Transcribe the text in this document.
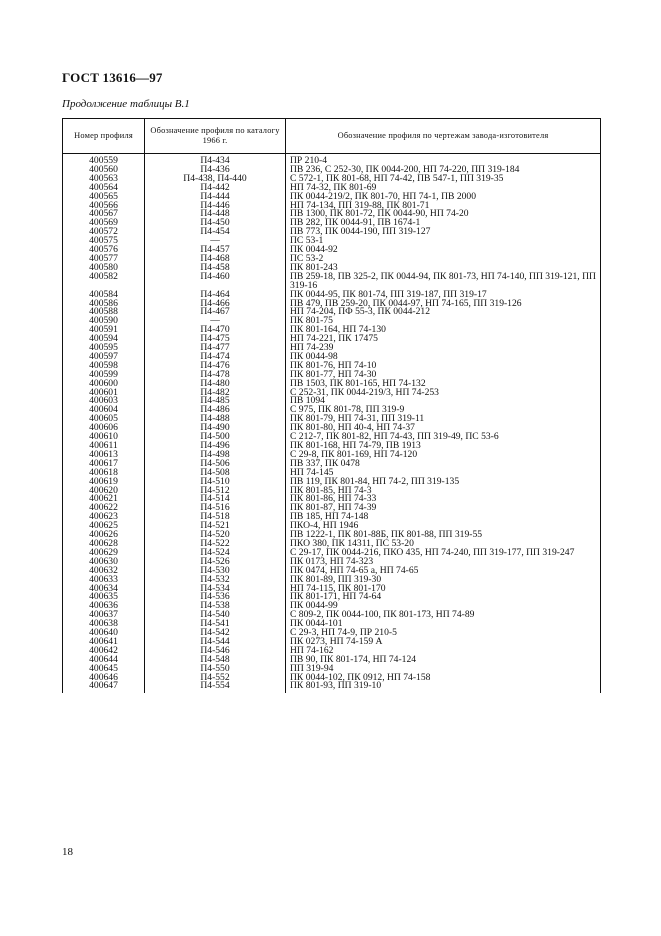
ГОСТ 13616—97
Продолжение таблицы В.1
Номер профиля	Обозначение профиля по каталогу 1966 г.	Обозначение профиля по чертежам завода-изготовителя
400559	П4-434	ПР 210-4
400560	П4-436	ПВ 236, С 252-30, ПК 0044-200, НП 74-220, ПП 319-184
400563	П4-438, П4-440	С 572-1, ПК 801-68, НП 74-42, ПВ 547-1, ПП 319-35
400564	П4-442	НП 74-32, ПК 801-69
400565	П4-444	ПК 0044-219/2, ПК 801-70, НП 74-1, ПВ 2000
400566	П4-446	НП 74-134, ПП 319-88, ПК 801-71
400567	П4-448	ПВ 1300, ПК 801-72, ПК 0044-90, НП 74-20
400569	П4-450	ПВ 282, ПК 0044-91, ПВ 1674-1
400572	П4-454	ПВ 773, ПК 0044-190, ПП 319-127
400575	—	ПС 53-1
400576	П4-457	ПК 0044-92
400577	П4-468	ПС 53-2
400580	П4-458	ПК 801-243
400582	П4-460	ПВ 259-18, ПВ 325-2, ПК 0044-94, ПК 801-73, НП 74-140, ПП 319-121, ПП 319-16
400584	П4-464	ПК 0044-95, ПК 801-74, ПП 319-187, ПП 319-17
400586	П4-466	ПВ 479, ПВ 259-20, ПК 0044-97, НП 74-165, ПП 319-126
400588	П4-467	НП 74-204, ПФ 55-3, ПК 0044-212
400590	—	ПК 801-75
400591	П4-470	ПК 801-164, НП 74-130
400594	П4-475	НП 74-221, ПК 17475
400595	П4-477	НП 74-239
400597	П4-474	ПК 0044-98
400598	П4-476	ПК 801-76, НП 74-10
400599	П4-478	ПК 801-77, НП 74-30
400600	П4-480	ПВ 1503, ПК 801-165, НП 74-132
400601	П4-482	С 252-31, ПК 0044-219/3, НП 74-253
400603	П4-485	ПВ 1094
400604	П4-486	С 975, ПК 801-78, ПП 319-9
400605	П4-488	ПК 801-79, НП 74-31, ПП 319-11
400606	П4-490	ПК 801-80, НП 40-4, НП 74-37
400610	П4-500	С 212-7, ПК 801-82, НП 74-43, ПП 319-49, ПС 53-6
400611	П4-496	ПК 801-168, НП 74-79, ПВ 1913
400613	П4-498	С 29-8, ПК 801-169, НП 74-120
400617	П4-506	ПВ 337, ПК 0478
400618	П4-508	НП 74-145
400619	П4-510	ПВ 119, ПК 801-84, НП 74-2, ПП 319-135
400620	П4-512	ПК 801-85, НП 74-3
400621	П4-514	ПК 801-86, НП 74-33
400622	П4-516	ПК 801-87, НП 74-39
400623	П4-518	ПВ 185, НП 74-148
400625	П4-521	ПКО-4, НП 1946
400626	П4-520	ПВ 1222-1, ПК 801-88Б, ПК 801-88, ПП 319-55
400628	П4-522	ПКО 380, ПК 14311, ПС 53-20
400629	П4-524	С 29-17, ПК 0044-216, ПКО 435, НП 74-240, ПП 319-177, ПП 319-247
400630	П4-526	ПК 0173, НП 74-323
400632	П4-530	ПК 0474, НП 74-65 а, НП 74-65
400633	П4-532	ПК 801-89, ПП 319-30
400634	П4-534	НП 74-115, ПК 801-170
400635	П4-536	ПК 801-171, НП 74-64
400636	П4-538	ПК 0044-99
400637	П4-540	С 809-2, ПК 0044-100, ПК 801-173, НП 74-89
400638	П4-541	ПК 0044-101
400640	П4-542	С 29-3, НП 74-9, ПР 210-5
400641	П4-544	ПК 0273, НП 74-159 А
400642	П4-546	НП 74-162
400644	П4-548	ПВ 90, ПК 801-174, НП 74-124
400645	П4-550	ПП 319-94
400646	П4-552	ПК 0044-102, ПК 0912, НП 74-158
400647	П4-554	ПК 801-93, ПП 319-10
18
